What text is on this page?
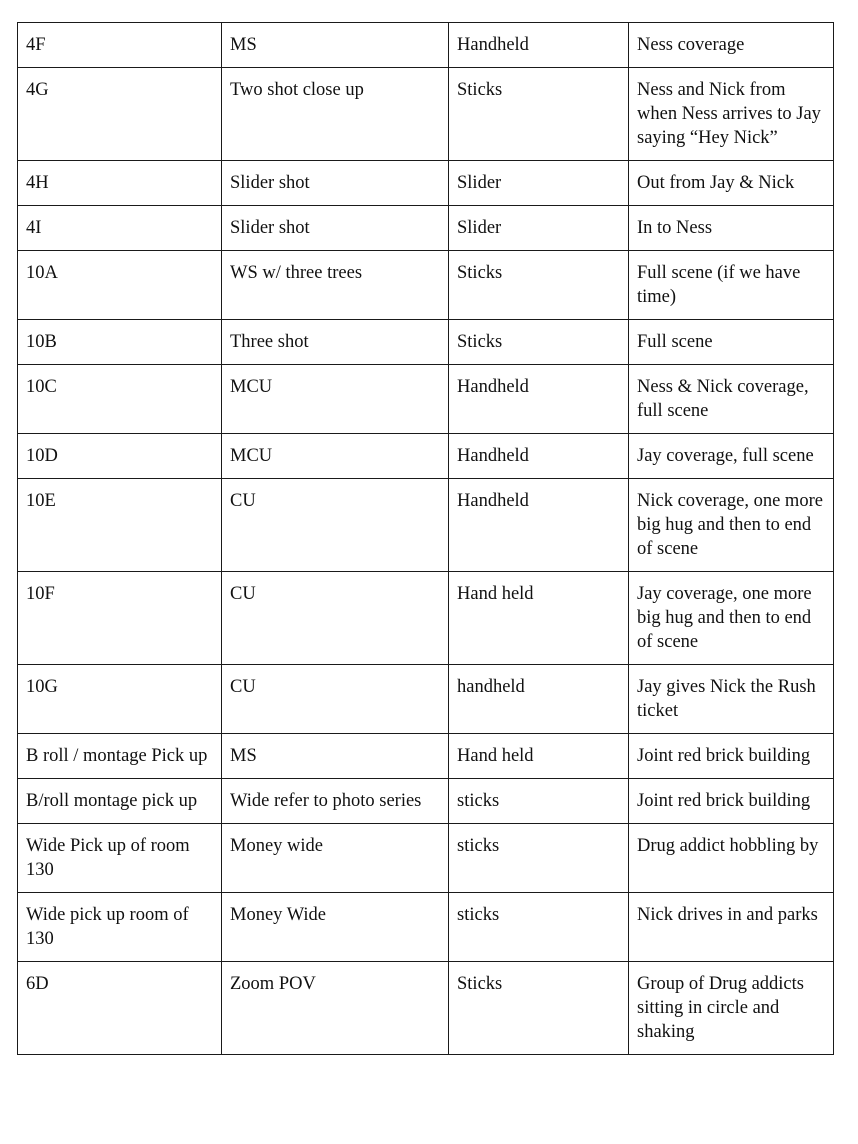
4F	MS	Handheld	Ness coverage
4G	Two shot close up	Sticks	Ness and Nick from when Ness arrives to Jay saying “Hey Nick”
4H	Slider shot	Slider	Out from Jay & Nick
4I	Slider shot	Slider	In to Ness
10A	WS w/ three trees	Sticks	Full scene (if we have time)
10B	Three shot	Sticks	Full scene
10C	MCU	Handheld	Ness & Nick coverage, full scene
10D	MCU	Handheld	Jay coverage, full scene
10E	CU	Handheld	Nick coverage, one more big hug and then to end of scene
10F	CU	Hand held	Jay coverage, one more big hug and then to end of scene
10G	CU	handheld	Jay gives Nick the Rush ticket
B roll / montage Pick up	MS	Hand held	Joint red brick building
B/roll montage pick up	Wide refer to photo series	sticks	Joint red brick building
Wide Pick up of room 130	Money wide	sticks	Drug addict hobbling by
Wide pick up room of 130	Money Wide	sticks	Nick drives in and parks
6D	Zoom POV	Sticks	Group of Drug addicts sitting in circle and shaking
